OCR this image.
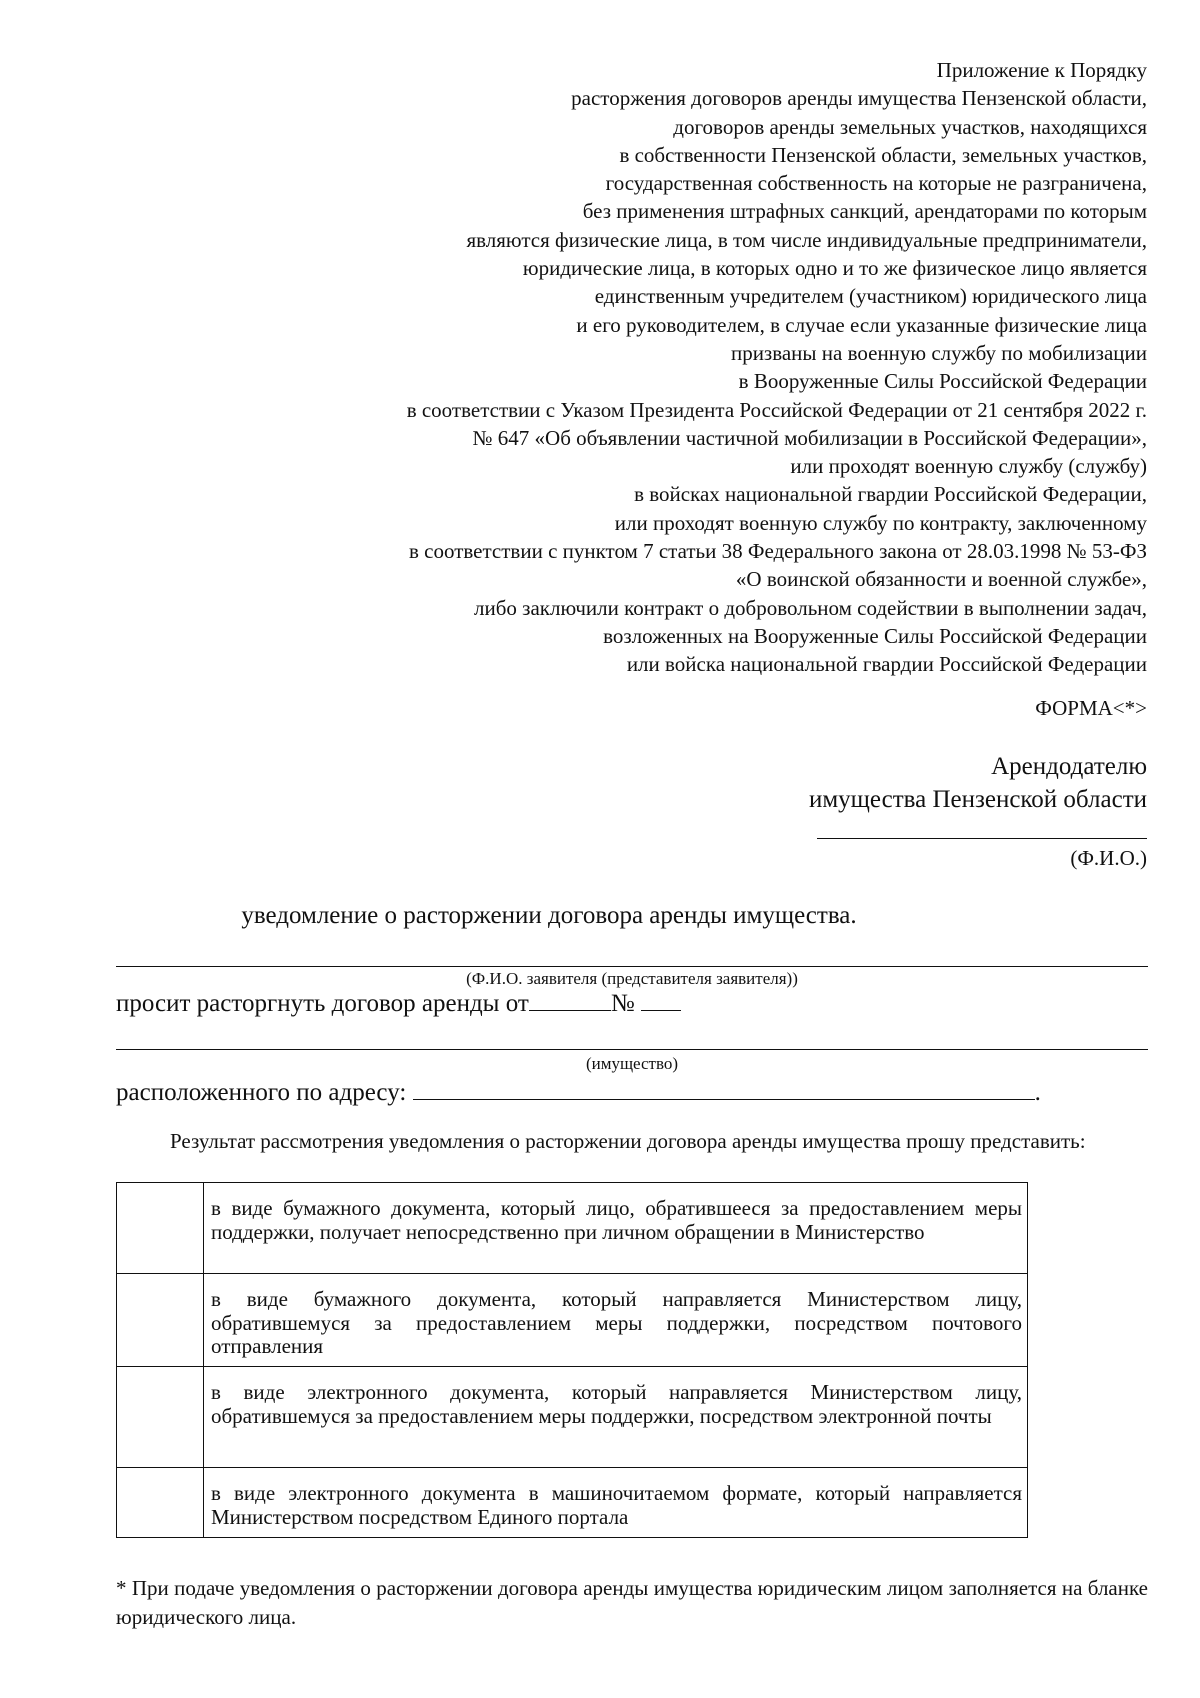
Приложение к Порядку
расторжения договоров аренды имущества Пензенской области,
договоров аренды земельных участков, находящихся
в собственности Пензенской области, земельных участков,
государственная собственность на которые не разграничена,
без применения штрафных санкций, арендаторами по которым
являются физические лица, в том числе индивидуальные предприниматели,
юридические лица, в которых одно и то же физическое лицо является
единственным учредителем (участником) юридического лица
и его руководителем, в случае если указанные физические лица
призваны на военную службу по мобилизации
в Вооруженные Силы Российской Федерации
в соответствии с Указом Президента Российской Федерации от 21 сентября 2022 г.
№ 647 «Об объявлении частичной мобилизации в Российской Федерации»,
или проходят военную службу (службу)
в войсках национальной гвардии Российской Федерации,
или проходят военную службу по контракту, заключенному
в соответствии с пунктом 7 статьи 38 Федерального закона от 28.03.1998 № 53-ФЗ
«О воинской обязанности и военной службе»,
либо заключили контракт о добровольном содействии в выполнении задач,
возложенных на Вооруженные Силы Российской Федерации
или войска национальной гвардии Российской Федерации
ФОРМА<*>
Арендодателю
имущества Пензенской области
(Ф.И.О.)
уведомление о расторжении договора аренды имущества.
(Ф.И.О. заявителя (представителя заявителя))
просит расторгнуть договор аренды от	№
(имущество)
расположенного по адресу:	.
Результат рассмотрения уведомления о расторжении договора аренды имущества прошу представить:
	в виде бумажного документа, который лицо, обратившееся за предоставлением меры поддержки, получает непосредственно при личном обращении в Министерство
	в виде бумажного документа, который направляется Министерством лицу, обратившемуся за предоставлением меры поддержки, посредством почтового отправления
	в виде электронного документа, который направляется Министерством лицу, обратившемуся за предоставлением меры поддержки, посредством электронной почты
	в виде электронного документа в машиночитаемом формате, который направляется Министерством посредством Единого портала
* При подаче уведомления о расторжении договора аренды имущества юридическим лицом заполняется на бланке юридического лица.
